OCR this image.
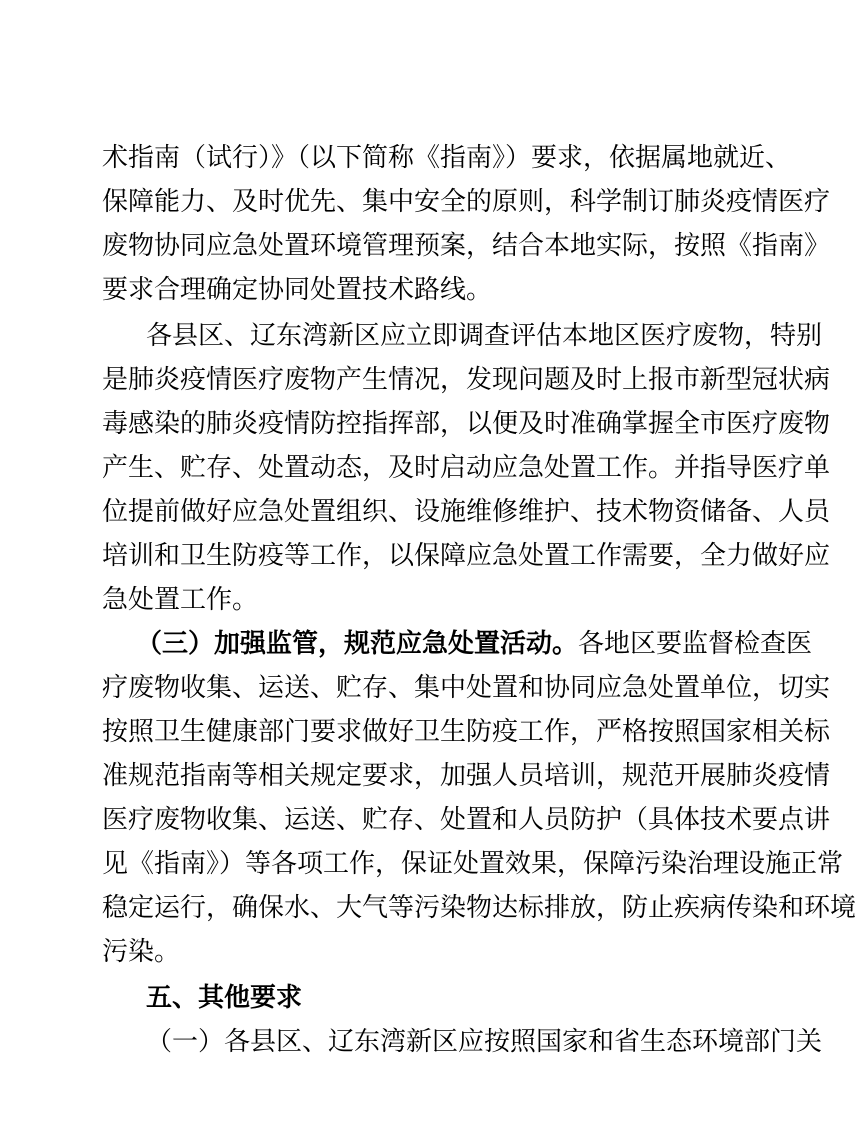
术指南（试行）》（以下简称《指南》）要求，依据属地就近、
保障能力、及时优先、集中安全的原则，科学制订肺炎疫情医疗
废物协同应急处置环境管理预案，结合本地实际，按照《指南》
要求合理确定协同处置技术路线。
各县区、辽东湾新区应立即调查评估本地区医疗废物，特别
是肺炎疫情医疗废物产生情况，发现问题及时上报市新型冠状病
毒感染的肺炎疫情防控指挥部，以便及时准确掌握全市医疗废物
产生、贮存、处置动态，及时启动应急处置工作。并指导医疗单
位提前做好应急处置组织、设施维修维护、技术物资储备、人员
培训和卫生防疫等工作，以保障应急处置工作需要，全力做好应
急处置工作。
（三）加强监管，规范应急处置活动。各地区要监督检查医
疗废物收集、运送、贮存、集中处置和协同应急处置单位，切实
按照卫生健康部门要求做好卫生防疫工作，严格按照国家相关标
准规范指南等相关规定要求，加强人员培训，规范开展肺炎疫情
医疗废物收集、运送、贮存、处置和人员防护（具体技术要点讲
见《指南》）等各项工作，保证处置效果，保障污染治理设施正常
稳定运行，确保水、大气等污染物达标排放，防止疾病传染和环境
污染。
五、其他要求
（一）各县区、辽东湾新区应按照国家和省生态环境部门关
